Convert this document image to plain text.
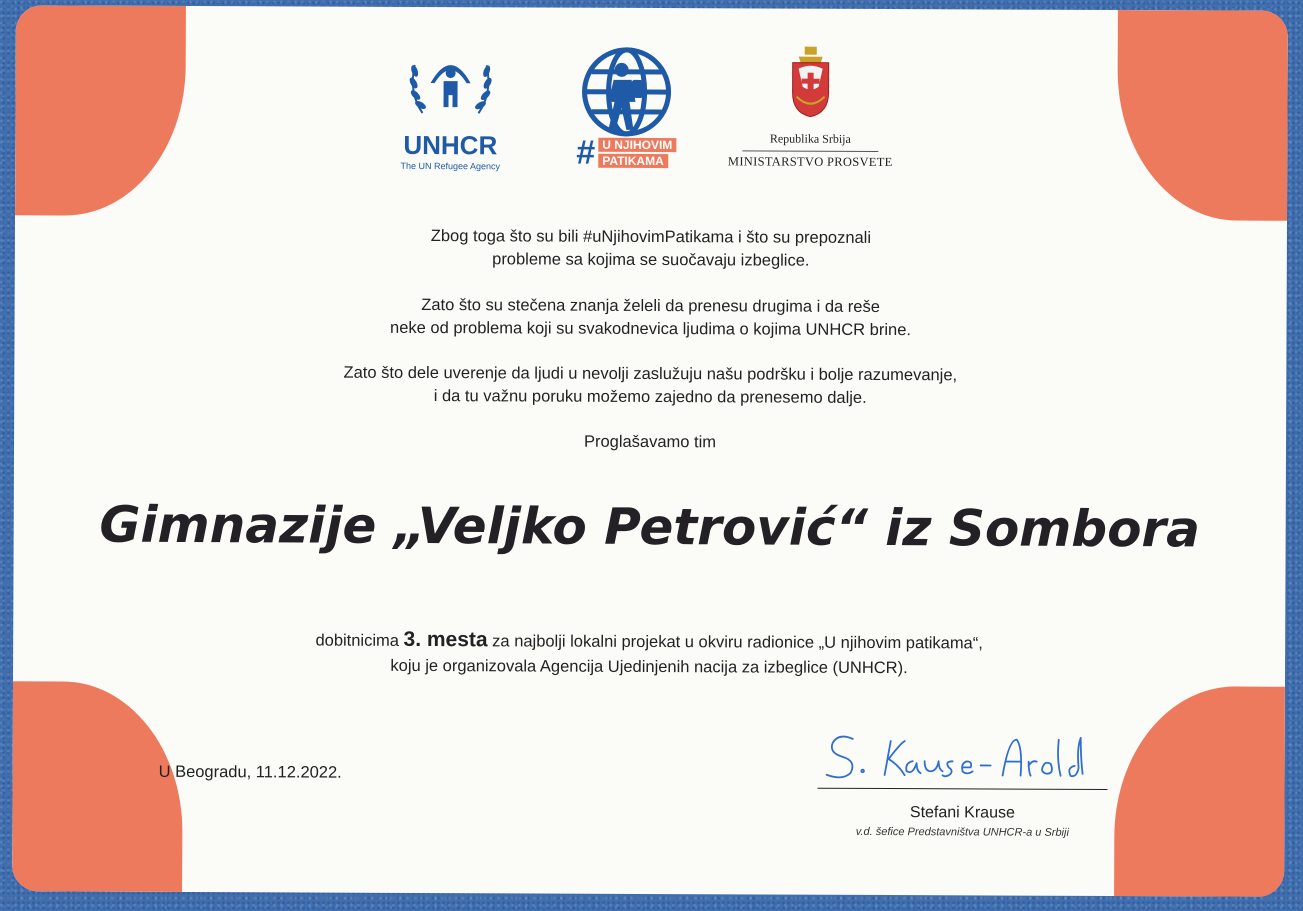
UNHCR
The UN Refugee Agency	# U NJIHOVIM
PATIKAMA
Republika Srbija
MINISTARSTVO PROSVETE
Zbog toga što su bili #uNjihovimPatikama i što su prepoznali
probleme sa kojima se suočavaju izbeglice.
Zato što su stečena znanja želeli da prenesu drugima i da reše
neke od problema koji su svakodnevica ljudima o kojima UNHCR brine.
Zato što dele uverenje da ljudi u nevolji zaslužuju našu podršku i bolje razumevanje,
i da tu važnu poruku možemo zajedno da prenesemo dalje.
Proglašavamo tim
Gimnazije „Veljko Petrović“ iz Sombora
dobitnicima 3. mesta za najbolji lokalni projekat u okviru radionice „U njihovim patikama“,
koju je organizovala Agencija Ujedinjenih nacija za izbeglice (UNHCR).
U Beogradu, 11.12.2022.
Stefani Krause
v.d. šefice Predstavništva UNHCR-a u Srbiji
